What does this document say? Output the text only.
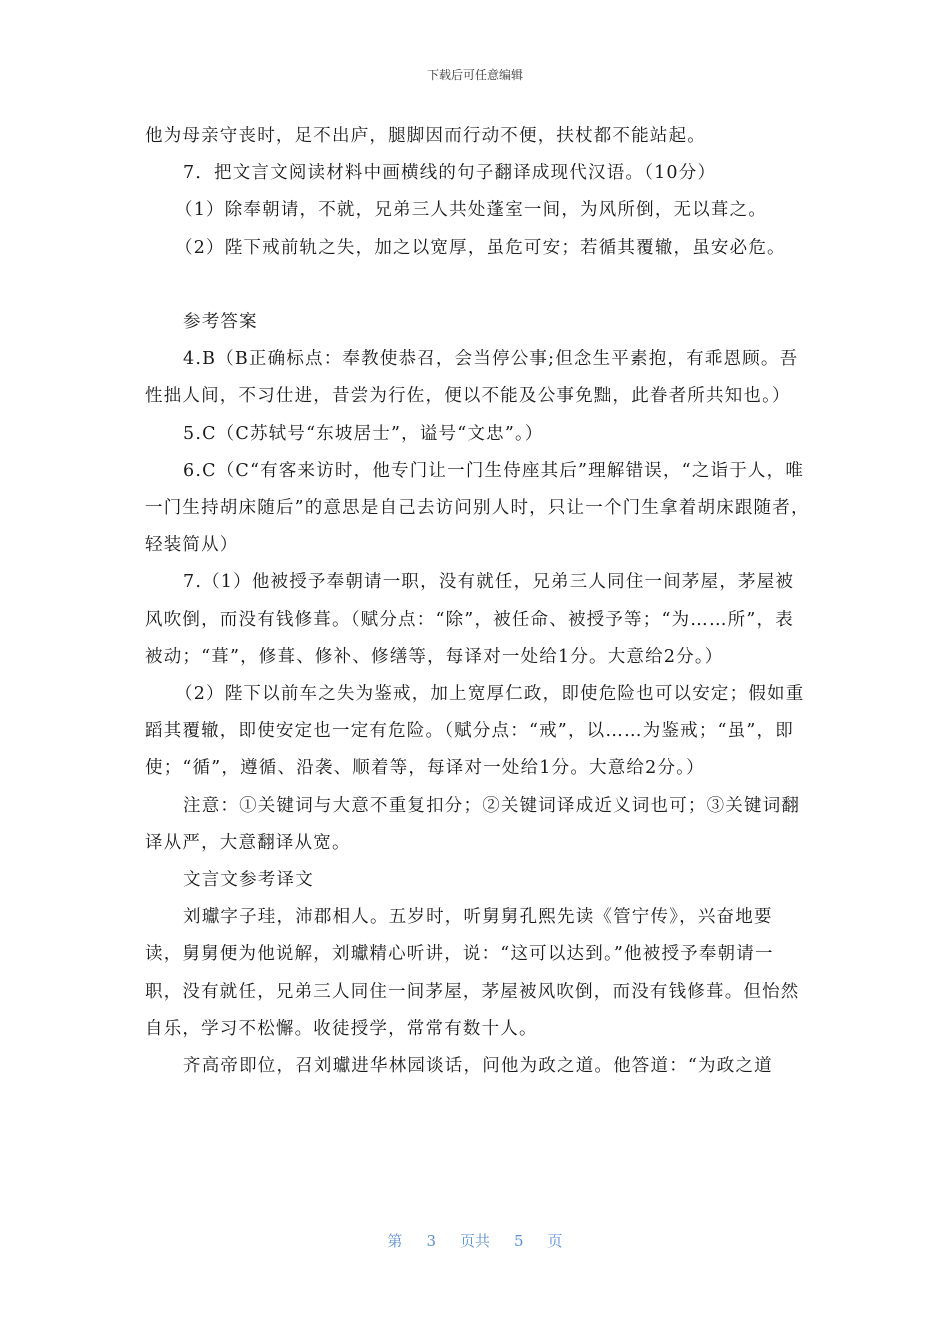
下载后可任意编辑

他为母亲守丧时，足不出庐，腿脚因而行动不便，扶杖都不能站起。

7．把文言文阅读材料中画横线的句子翻译成现代汉语。（10分）

（1）除奉朝请，不就，兄弟三人共处蓬室一间，为风所倒，无以葺之。

（2）陛下戒前轨之失，加之以宽厚，虽危可安；若循其覆辙，虽安必危。

参考答案

4.B（B正确标点：奉教使恭召，会当停公事;但念生平素抱，有乖恩顾。吾性拙人间，不习仕进，昔尝为行佐，便以不能及公事免黜，此眷者所共知也。）

5.C（C苏轼号“东坡居士”，谥号“文忠”。）

6.C（C“有客来访时，他专门让一门生侍座其后”理解错误，“之诣于人，唯一门生持胡床随后”的意思是自己去访问别人时，只让一个门生拿着胡床跟随者，轻装简从）

7.（1）他被授予奉朝请一职，没有就任，兄弟三人同住一间茅屋，茅屋被风吹倒，而没有钱修葺。（赋分点：“除”，被任命、被授予等；“为……所”，表被动；“葺”，修葺、修补、修缮等，每译对一处给1分。大意给2分。）

（2）陛下以前车之失为鉴戒，加上宽厚仁政，即使危险也可以安定；假如重蹈其覆辙，即使安定也一定有危险。（赋分点：“戒”，以……为鉴戒；“虽”，即使；“循”，遵循、沿袭、顺着等，每译对一处给1分。大意给2分。）

注意：①关键词与大意不重复扣分；②关键词译成近义词也可；③关键词翻译从严，大意翻译从宽。

文言文参考译文

刘瓛字子珪，沛郡相人。五岁时，听舅舅孔熙先读《管宁传》，兴奋地要读，舅舅便为他说解，刘瓛精心听讲，说：“这可以达到。”他被授予奉朝请一职，没有就任，兄弟三人同住一间茅屋，茅屋被风吹倒，而没有钱修葺。但怡然自乐，学习不松懈。收徒授学，常常有数十人。

齐高帝即位，召刘瓛进华林园谈话，问他为政之道。他答道：“为政之道

第 3 页共 5 页
